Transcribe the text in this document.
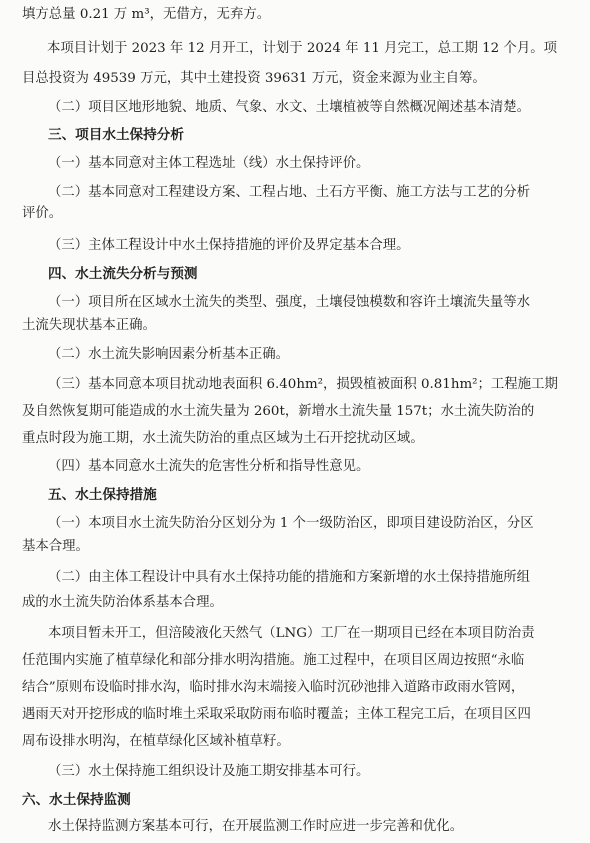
填方总量 0.21 万 m³，无借方，无弃方。
本项目计划于 2023 年 12 月开工，计划于 2024 年 11 月完工，总工期 12 个月。项
目总投资为 49539 万元，其中土建投资 39631 万元，资金来源为业主自筹。
（二）项目区地形地貌、地质、气象、水文、土壤植被等自然概况阐述基本清楚。
三、项目水土保持分析
（一）基本同意对主体工程选址（线）水土保持评价。
（二）基本同意对工程建设方案、工程占地、土石方平衡、施工方法与工艺的分析
评价。
（三）主体工程设计中水土保持措施的评价及界定基本合理。
四、水土流失分析与预测
（一）项目所在区域水土流失的类型、强度，土壤侵蚀模数和容许土壤流失量等水
土流失现状基本正确。
（二）水土流失影响因素分析基本正确。
（三）基本同意本项目扰动地表面积 6.40hm²，损毁植被面积 0.81hm²；工程施工期
及自然恢复期可能造成的水土流失量为 260t，新增水土流失量 157t；水土流失防治的
重点时段为施工期，水土流失防治的重点区域为土石开挖扰动区域。
（四）基本同意水土流失的危害性分析和指导性意见。
五、水土保持措施
（一）本项目水土流失防治分区划分为 1 个一级防治区，即项目建设防治区，分区
基本合理。
（二）由主体工程设计中具有水土保持功能的措施和方案新增的水土保持措施所组
成的水土流失防治体系基本合理。
本项目暂未开工，但涪陵液化天然气（LNG）工厂在一期项目已经在本项目防治责
任范围内实施了植草绿化和部分排水明沟措施。施工过程中，在项目区周边按照“永临
结合”原则布设临时排水沟，临时排水沟末端接入临时沉砂池排入道路市政雨水管网，
遇雨天对开挖形成的临时堆土采取采取防雨布临时覆盖；主体工程完工后，在项目区四
周布设排水明沟，在植草绿化区域补植草籽。
（三）水土保持施工组织设计及施工期安排基本可行。
六、水土保持监测
水土保持监测方案基本可行，在开展监测工作时应进一步完善和优化。
